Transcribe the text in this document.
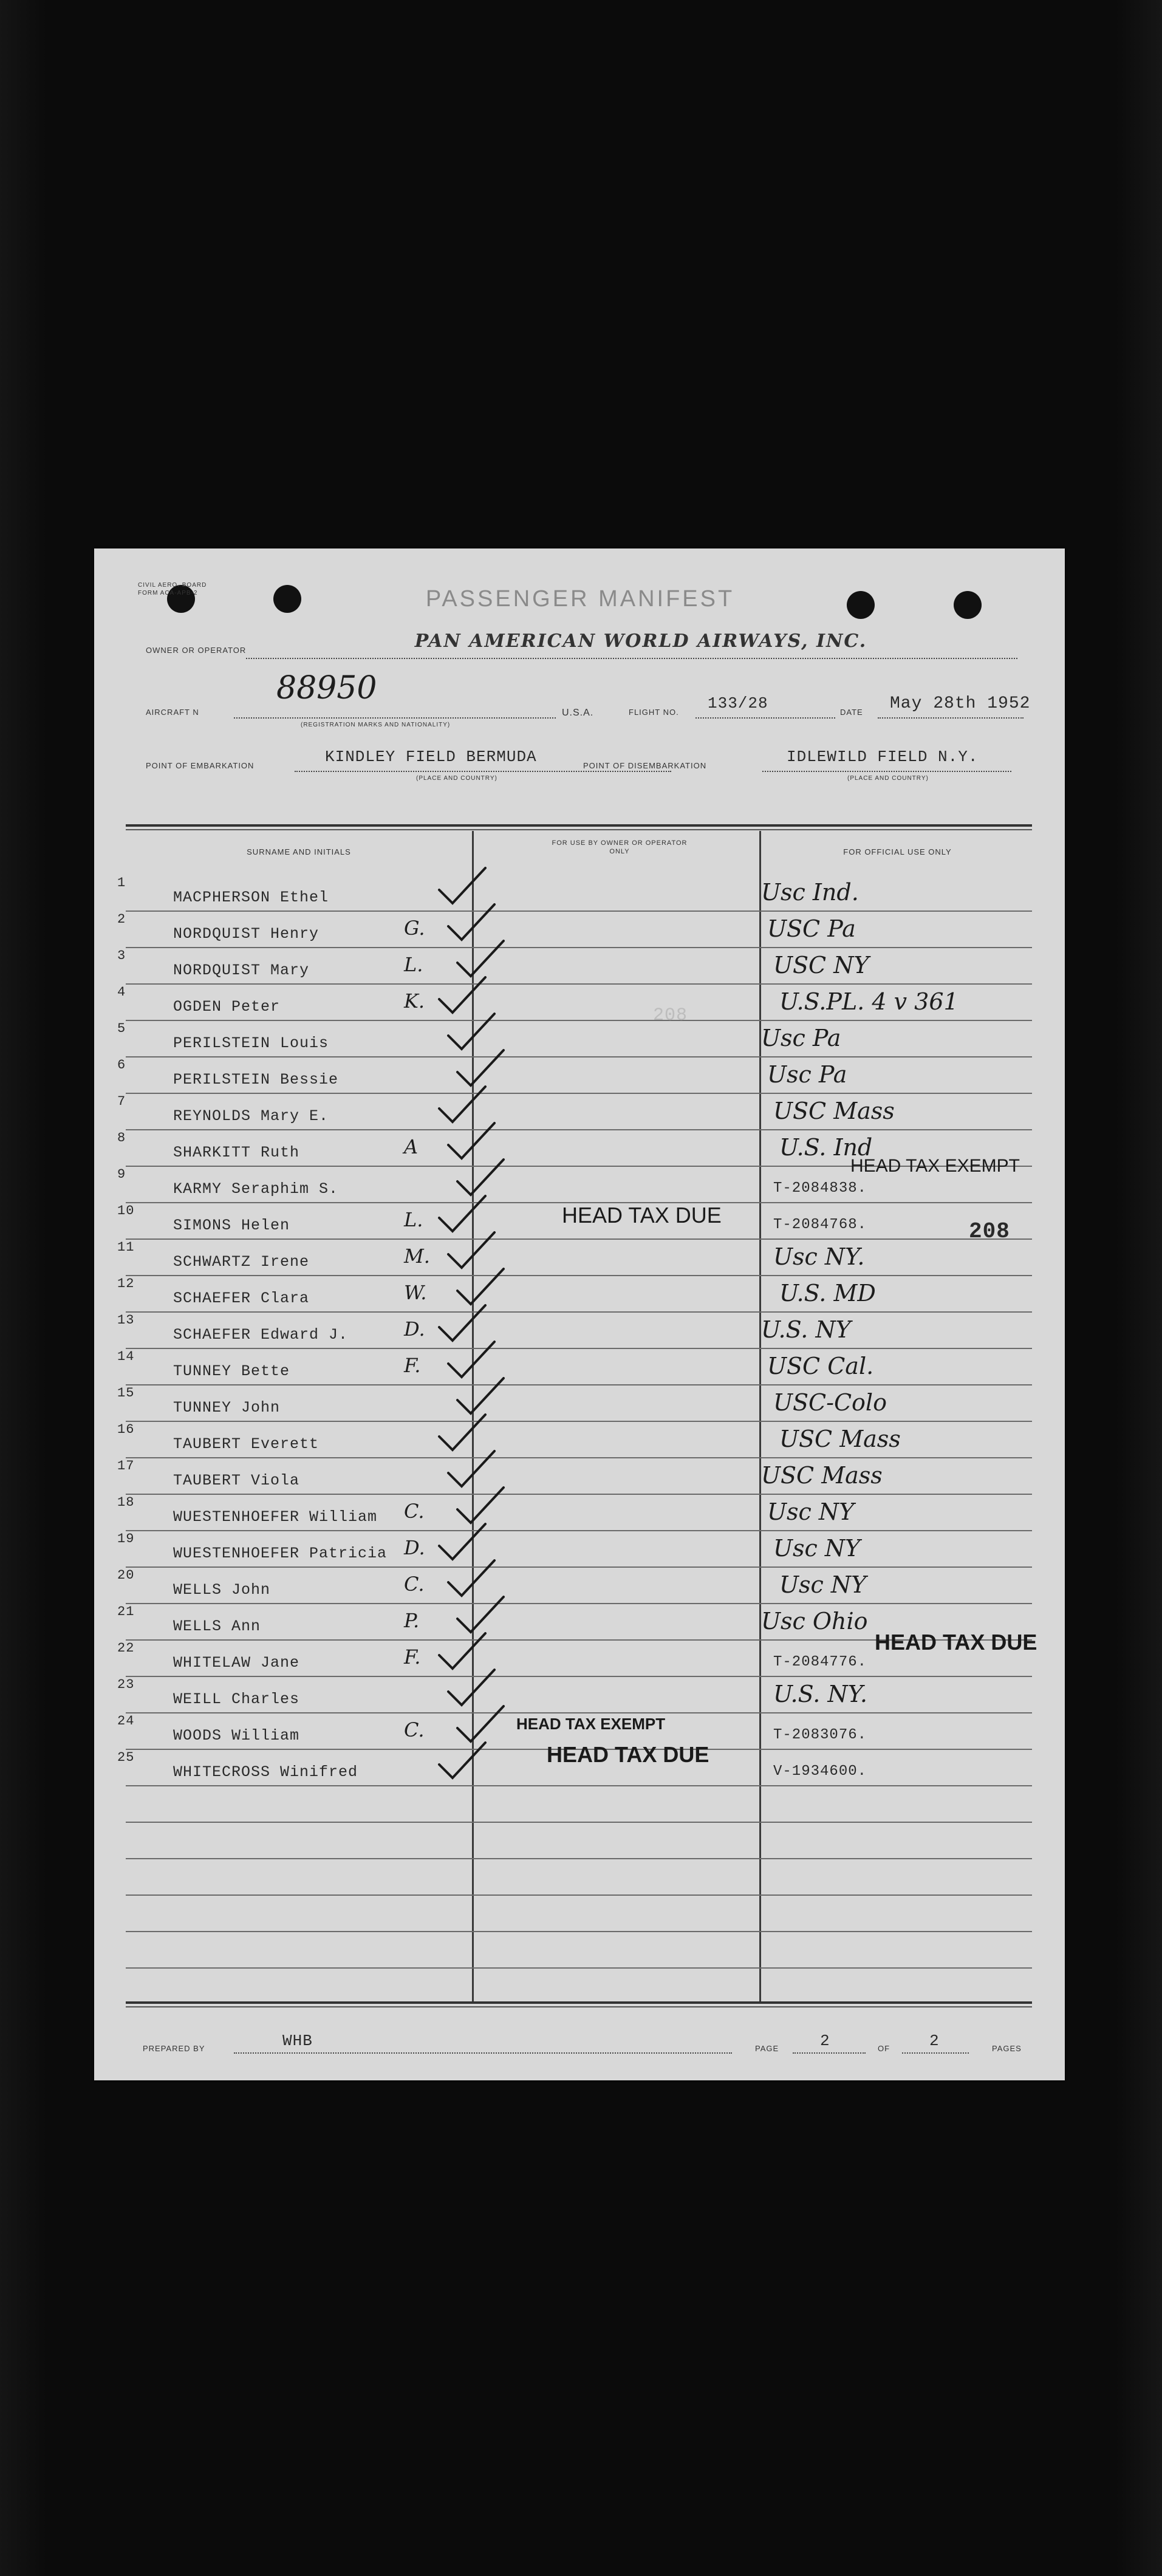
CIVIL AERO. BOARD FORM ACA-APB-2	PASSENGER MANIFEST
OWNER OR OPERATOR	PAN AMERICAN WORLD AIRWAYS, INC.
AIRCRAFT N
88950
(REGISTRATION MARKS AND NATIONALITY)
U.S.A.	FLIGHT NO. 133/28	DATE May 28th 1952
POINT OF EMBARKATION	KINDLEY FIELD BERMUDA
(PLACE AND COUNTRY)
POINT OF DISEMBARKATION	IDLEWILD FIELD N.Y.
(PLACE AND COUNTRY)
SURNAME AND INITIALS
FOR USE BY OWNER OR OPERATOR ONLY	FOR OFFICIAL USE ONLY
1
MACPHERSON Ethel	Usc Ind.
2
NORDQUIST Henry	G.	USC Pa
3
NORDQUIST Mary	L.	USC NY
4
OGDEN Peter	K.	U.S.PL. 4 v 361
5
PERILSTEIN Louis	Usc Pa
6
PERILSTEIN Bessie	Usc Pa
7
REYNOLDS Mary E.	USC Mass
8
SHARKITT Ruth	A	U.S. Ind
9
KARMY Seraphim S.	T-2084838.
10
SIMONS Helen	L.	T-2084768.
11
SCHWARTZ Irene	M.	Usc NY.
12
SCHAEFER Clara	W.	U.S. MD
13
SCHAEFER Edward J.	D.	U.S. NY
14
TUNNEY Bette	F.	USC Cal.
15
TUNNEY John	USC-Colo
16
TAUBERT Everett	USC Mass
17
TAUBERT Viola	USC Mass
18
WUESTENHOEFER William C.	Usc NY
19
WUESTENHOEFER Patricia D.	Usc NY
20
WELLS John	C.	Usc NY
21
WELLS Ann	P.	Usc Ohio
22
WHITELAW Jane	F.	T-2084776.
23
WEILL Charles	U.S. NY.
24
WOODS William	C.	T-2083076.
25
WHITECROSS Winifred	V-1934600.
HEAD TAX EXEMPT
HEAD TAX DUE
208
208
HEAD TAX DUE
HEAD TAX EXEMPT
HEAD TAX DUE
PREPARED BY	WHB	PAGE	2	OF 2	PAGES
